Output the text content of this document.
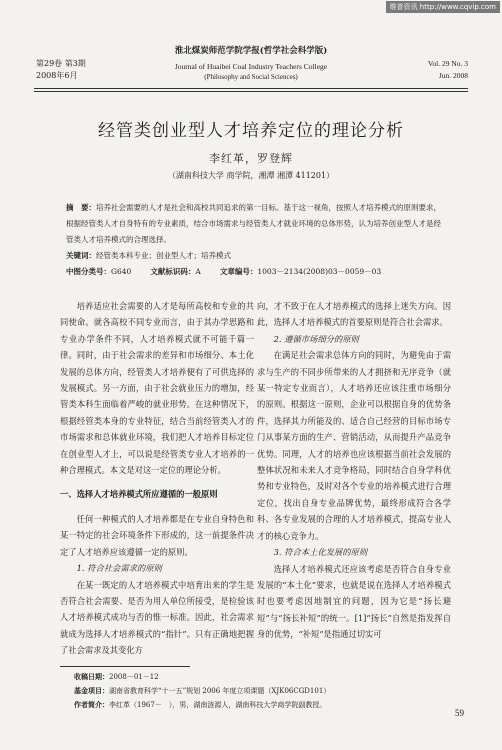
维普资讯 http://www.cqvip.com
淮北煤炭师范学院学报(哲学社会科学版)
Journal of Huaibei Coal Industry Teachers College
(Philosophy and Social Sciences)
第29卷 第3期
2008年6月
Vol. 29 No. 3
Jun. 2008
经管类创业型人才培养定位的理论分析
李红革，罗登辉
（湖南科技大学 商学院，湘潭 湘潭 411201）
摘　要：培养社会需要的人才是社会和高校共同追求的第一目标。基于这一视角，按照人才培养模式的原则要求，根据经管类人才自身特有的专业素质，结合市场需求与经管类人才就业环境的总体形势，认为培养创业型人才是经管类人才培养模式的合理选择。
关键词：经管类本科专业；创业型人才；培养模式
中图分类号：G640	文献标识码：A	文章编号：1003－2134(2008)03－0059－03

培养适应社会需要的人才是每所高校和专业的共同使命。就各高校不同专业而言，由于其办学思路和专业办学条件不同，人才培养模式就不可能千篇一律。同时，由于社会需求的差异和市场细分、本土化发展的总体方向，经管类人才培养便有了可供选择的发展模式。另一方面，由于社会就业压力的增加，经管类本科生面临着严峻的就业形势。在这种情况下，根据经管类本身的专业特征，结合当前经管类人才的市场需求和总体就业环境，我们把人才培养目标定位在创业型人才上，可以说是经管类专业人才培养的一种合理模式。本文是对这一定位的理论分析。

一、选择人才培养模式所应遵循的一般原则

任何一种模式的人才培养都是在专业自身特色和某一特定的社会环境条件下形成的，这一前提条件决定了人才培养应该遵循一定的原则。

1. 符合社会需求的原则

在某一既定的人才培养模式中培育出来的学生是否符合社会需要、是否为用人单位所接受，是检验该人才培养模式成功与否的惟一标准。因此，社会需求就成为选择人才培养模式的“指针”。只有正确地把握了社会需求及其变化方

向，才不致于在人才培养模式的选择上迷失方向。因此，选择人才培养模式的首要原则是符合社会需求。

2. 遵循市场细分的原则

在满足社会需求总体方向的同时，为避免由于需求与生产的不同步所带来的人才拥挤和无序竞争（就某一特定专业而言），人才培养还应该注重市场细分的原则。根据这一原则，企业可以根据自身的优势条件，选择其力所能及的、适合自己经营的目标市场专门从事某方面的生产、营销活动，从而提升产品竞争优势。同理，人才的培养也应该根据当前社会发展的整体状况和未来人才竞争格局，同时结合自身学科优势和专业特色，及时对各个专业的培养模式进行合理定位，找出自身专业品牌优势，最终形成符合各学科、各专业发展的合理的人才培养模式，提高专业人才的核心竞争力。

3. 符合本土化发展的原则

选择人才培养模式还应该考虑是否符合自身专业发展的“本土化”要求，也就是说在选择人才培养模式时也要考虑因地制宜的问题，因为它是“扬长避短”与“扬长补短”的统一。[1]“扬长”自然是指发挥自身的优势，“补短”是指通过切实可

收稿日期：2008－01－12
基金项目：湖南省教育科学“十一五”规划 2006 年度立项课题（XJK06CGD101）
作者简介：李红革（1967－　），男，湖南涟源人，湖南科技大学商学院副教授。
59
